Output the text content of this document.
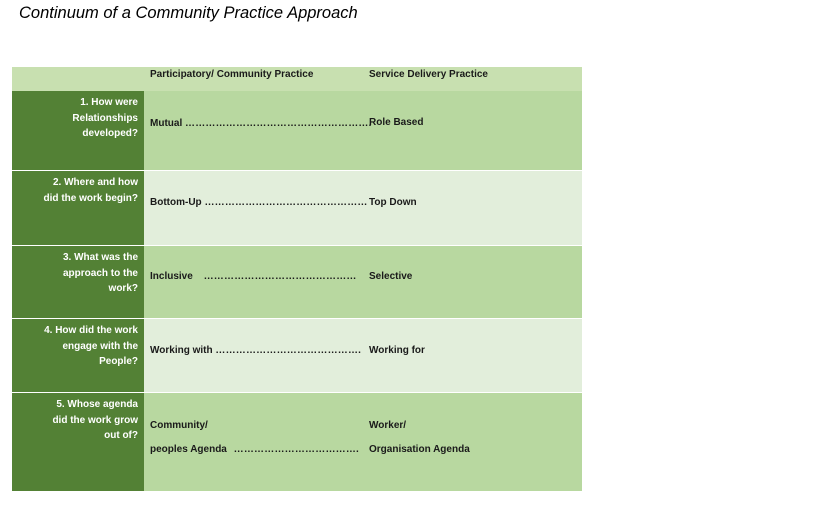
Continuum of a Community Practice Approach
Participatory/ Community Practice	Service Delivery Practice
1. How were Relationships developed?
Mutual ……………………………………………….
Role Based
2. Where and how did the work begin? Bottom-Up ………………………………………… Top Down
3. What was the approach to the work?
Inclusive ……………………………………… Selective
4. How did the work engage with the People?
Working with ……………………………………. Working for
5. Whose agenda did the work grow out of?
Community/
peoples Agenda ……………………………….
Worker/
Organisation Agenda
